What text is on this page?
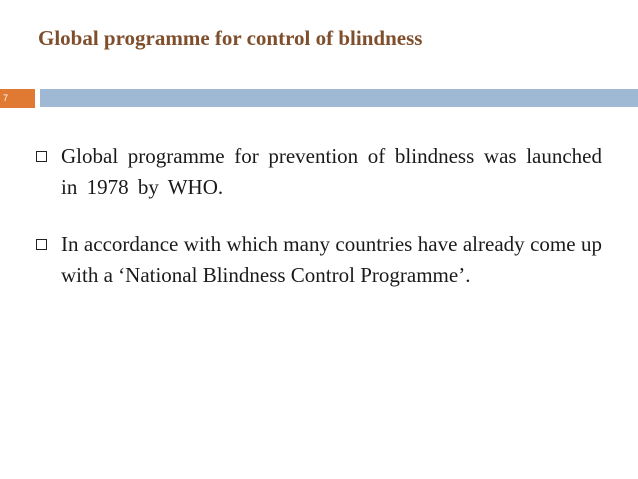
Global programme for control of blindness
7
Global programme for prevention of blindness was launched in 1978 by WHO.
In accordance with which many countries have already come up with a ‘National Blindness Control Programme’.
